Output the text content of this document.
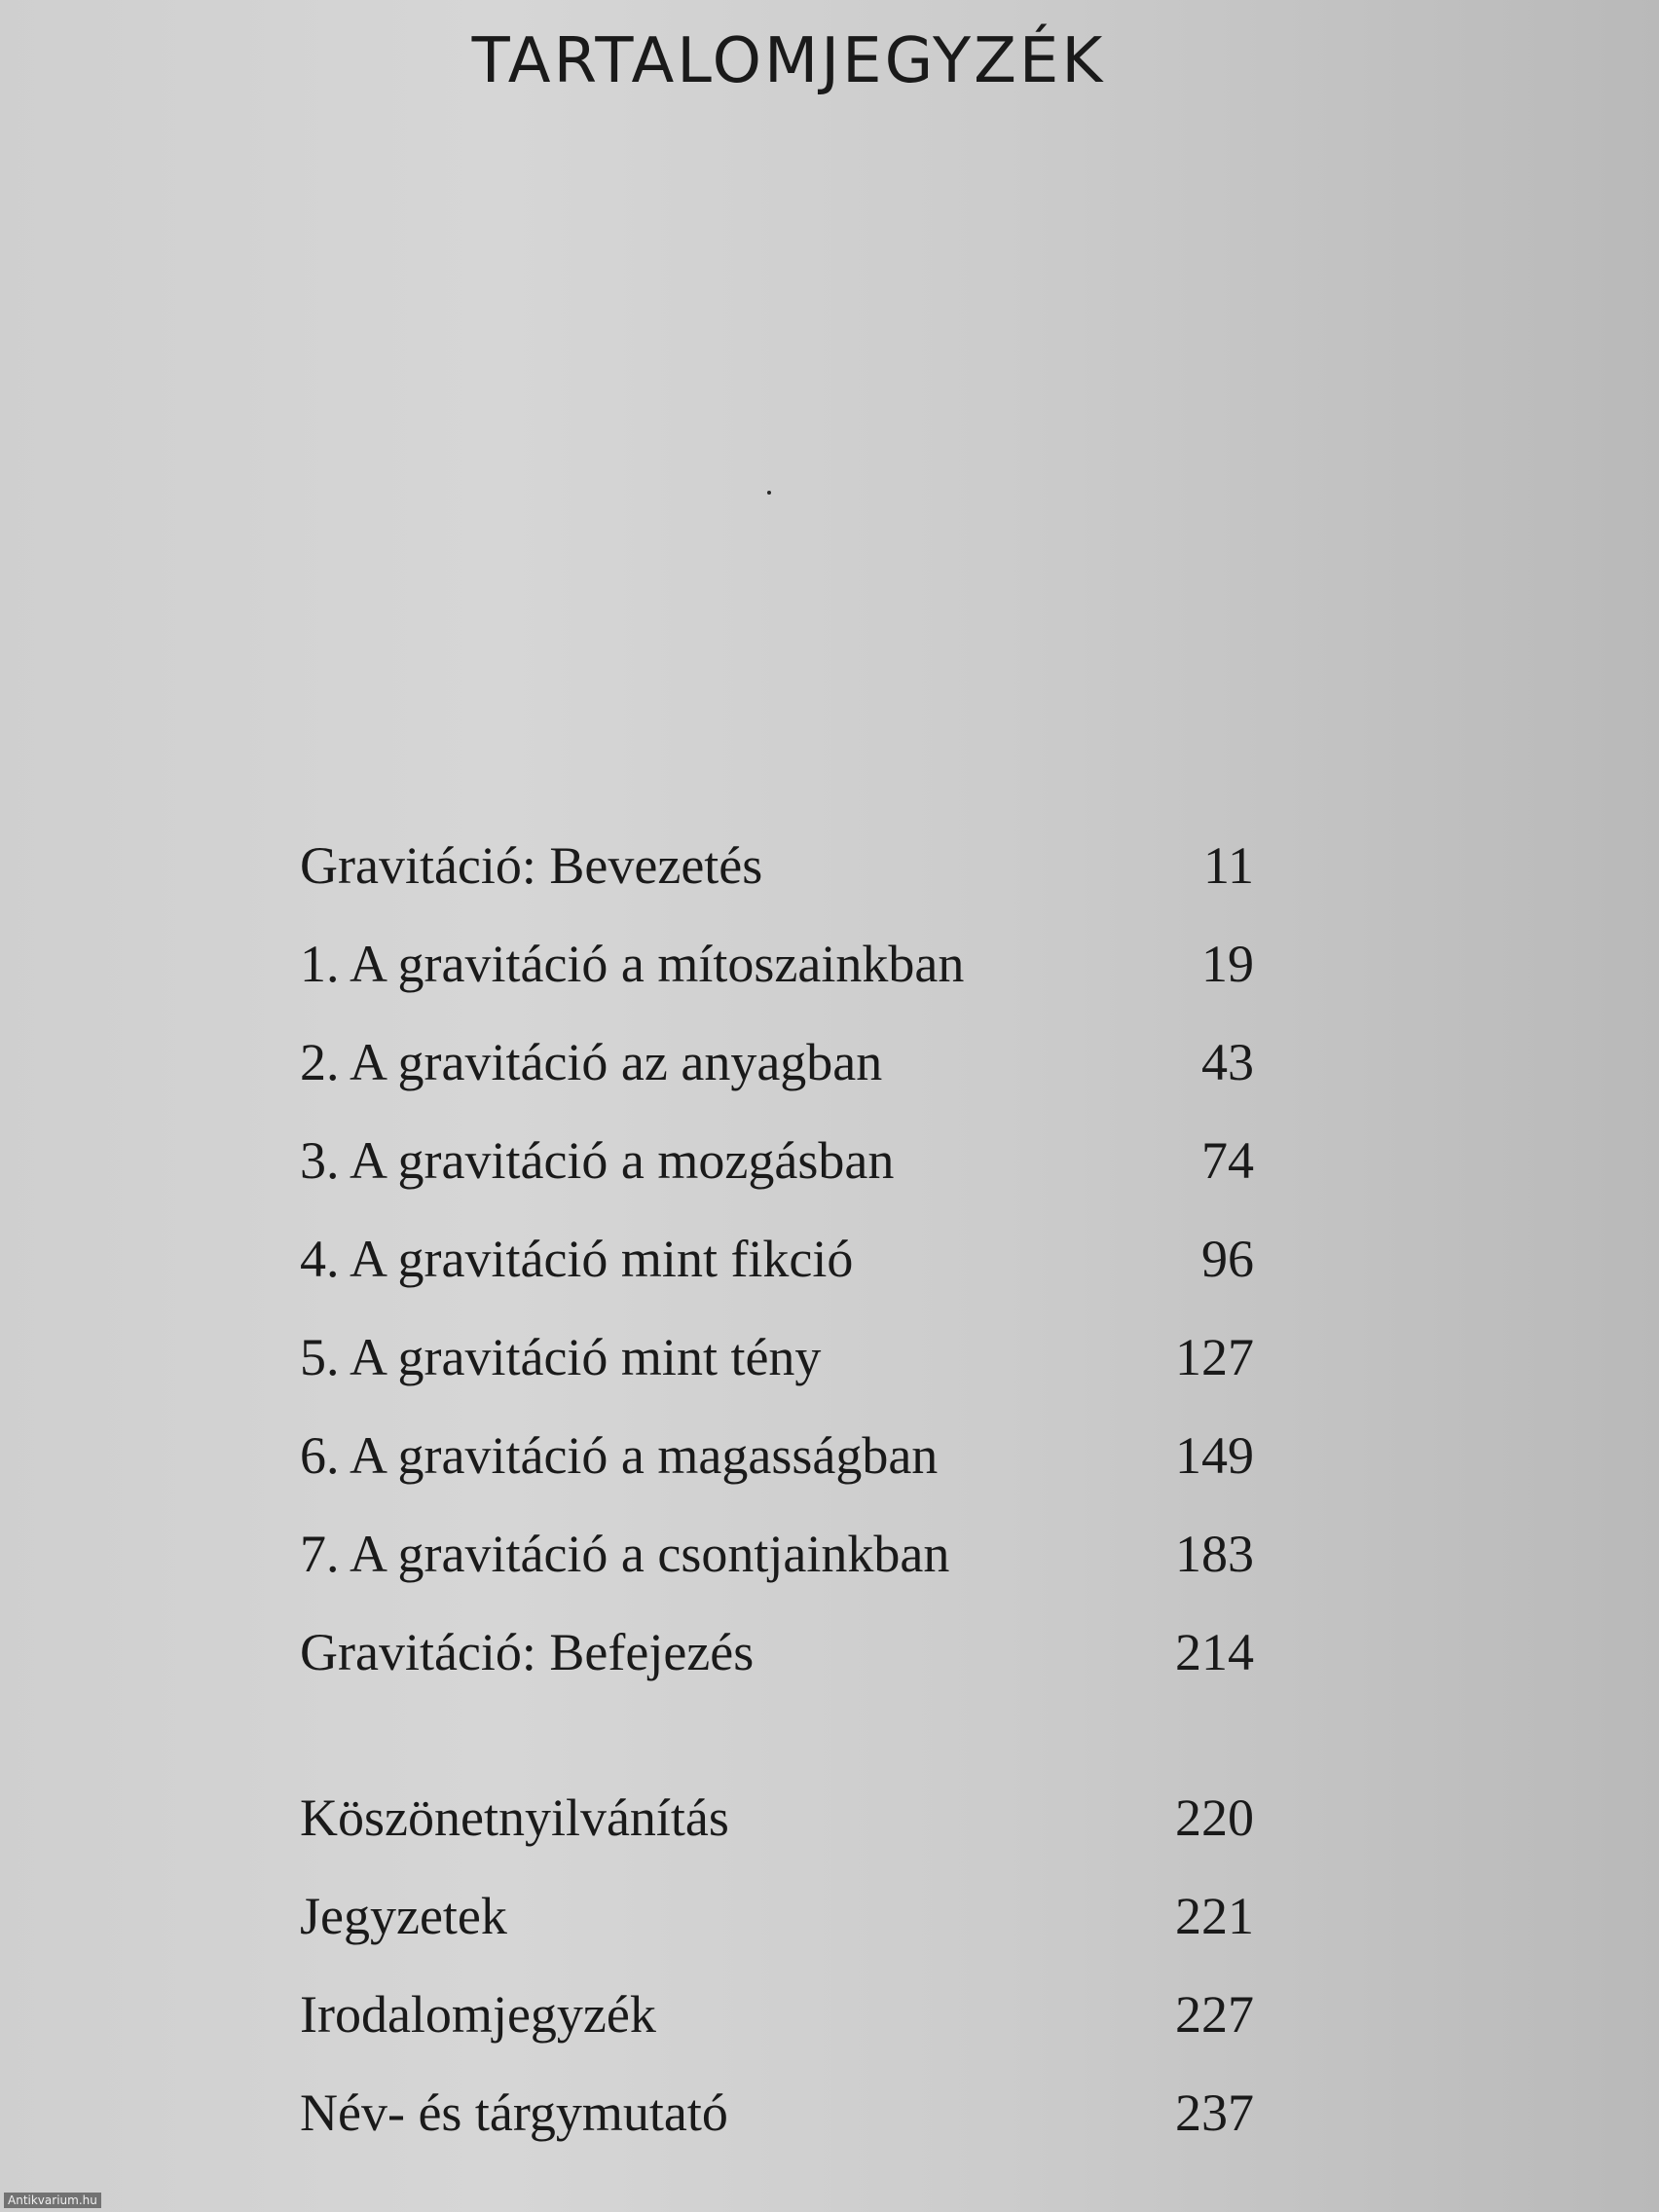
TARTALOMJEGYZÉK
Gravitáció: Bevezetés	11
1. A gravitáció a mítoszainkban	19
2. A gravitáció az anyagban	43
3. A gravitáció a mozgásban	74
4. A gravitáció mint fikció	96
5. A gravitáció mint tény	127
6. A gravitáció a magasságban	149
7. A gravitáció a csontjainkban	183
Gravitáció: Befejezés	214
Köszönetnyilvánítás	220
Jegyzetek	221
Irodalomjegyzék	227
Név- és tárgymutató	237
Antikvarium.hu
